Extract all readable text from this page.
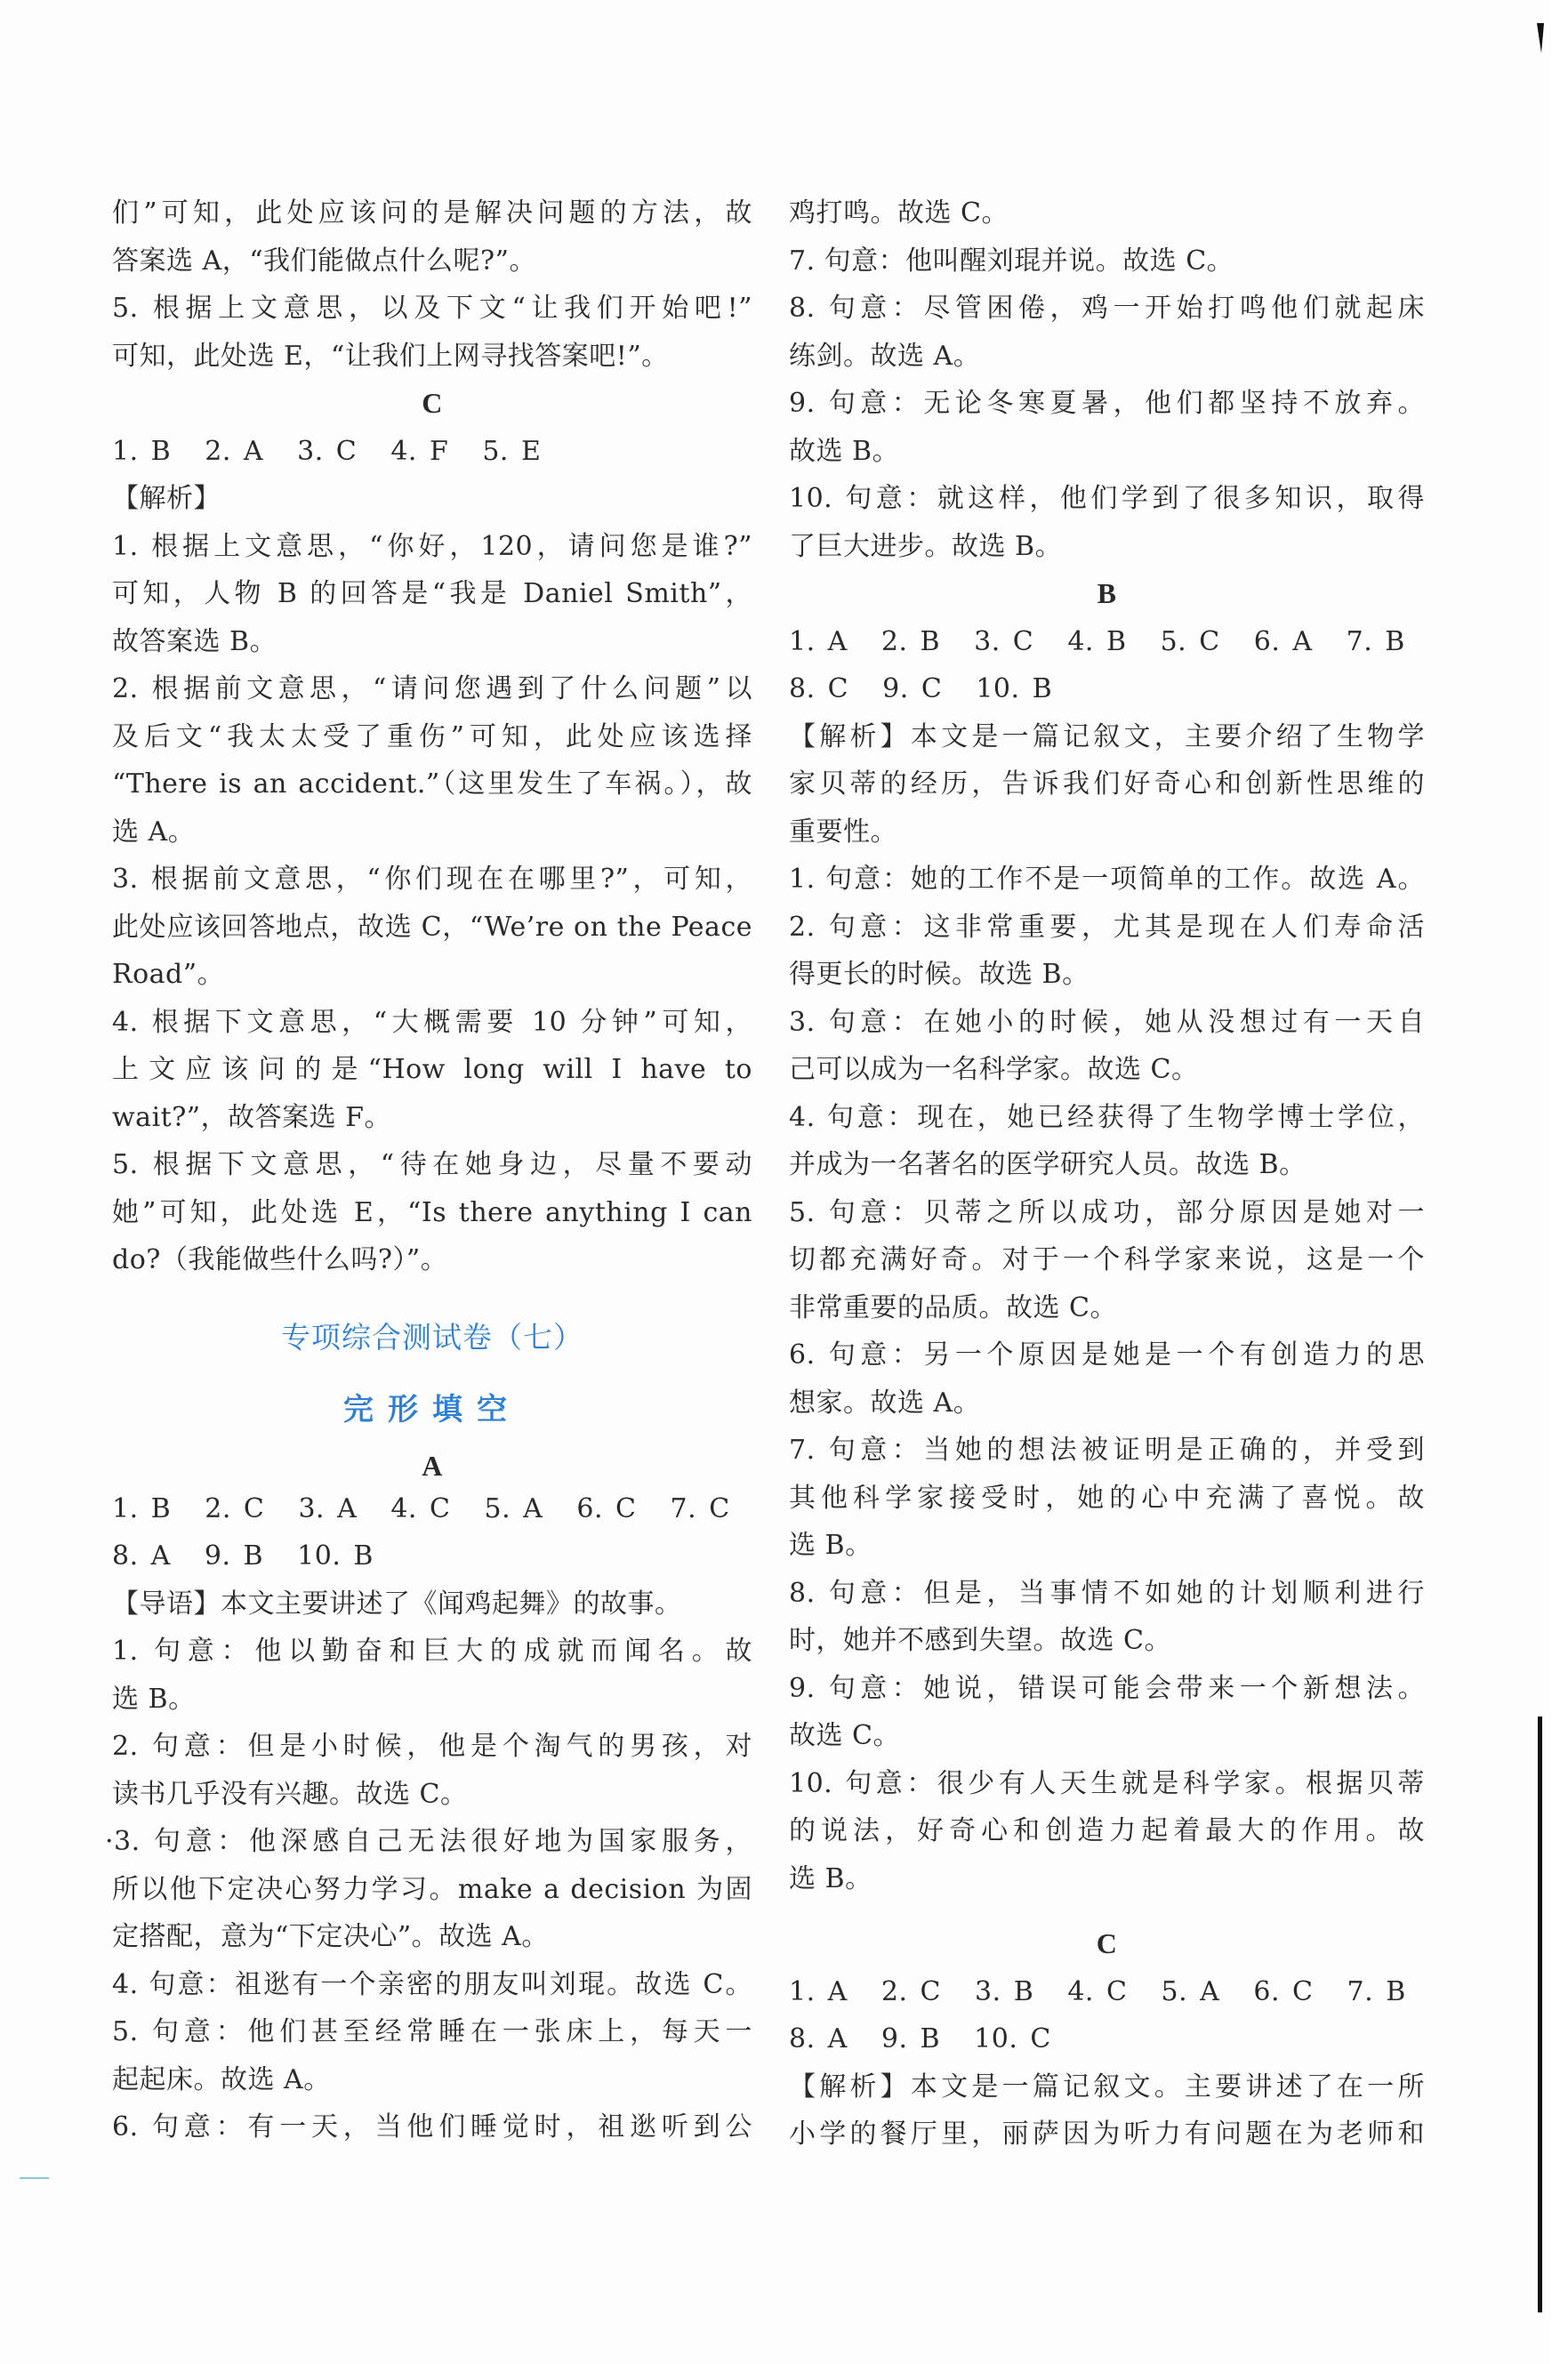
们”可知，此处应该问的是解决问题的方法，故
答案选 A，“我们能做点什么呢?”。
5. 根据上文意思，以及下文“让我们开始吧!”
可知，此处选 E，“让我们上网寻找答案吧!”。
C
1. B 2. A 3. C 4. F 5. E
【解析】
1. 根据上文意思，“你好，120，请问您是谁?”
可知，人物 B 的回答是“我是 Daniel Smith”，
故答案选 B。
2. 根据前文意思，“请问您遇到了什么问题”以
及后文“我太太受了重伤”可知，此处应该选择
“There is an accident.”（这里发生了车祸。），故
选 A。
3. 根据前文意思，“你们现在在哪里?”，可知，
此处应该回答地点，故选 C，“We’re on the Peace
Road”。
4. 根据下文意思，“大概需要 10 分钟”可知，
上文应该问的是“How long will I have to
wait?”，故答案选 F。
5. 根据下文意思，“待在她身边，尽量不要动
她”可知，此处选 E，“Is there anything I can
do?（我能做些什么吗?）”。
专项综合测试卷（七）
完形填空
A
1. B 2. C 3. A 4. C 5. A 6. C 7. C
8. A 9. B 10. B
【导语】本文主要讲述了《闻鸡起舞》的故事。
1. 句意：他以勤奋和巨大的成就而闻名。故
选 B。
2. 句意：但是小时候，他是个淘气的男孩，对
读书几乎没有兴趣。故选 C。
·3. 句意：他深感自己无法很好地为国家服务，
所以他下定决心努力学习。make a decision 为固
定搭配，意为“下定决心”。故选 A。
4. 句意：祖逖有一个亲密的朋友叫刘琨。故选 C。
5. 句意：他们甚至经常睡在一张床上，每天一
起起床。故选 A。
6. 句意：有一天，当他们睡觉时，祖逖听到公
鸡打鸣。故选 C。
7. 句意：他叫醒刘琨并说。故选 C。
8. 句意：尽管困倦，鸡一开始打鸣他们就起床
练剑。故选 A。
9. 句意：无论冬寒夏暑，他们都坚持不放弃。
故选 B。
10. 句意：就这样，他们学到了很多知识，取得
了巨大进步。故选 B。
B
1. A 2. B 3. C 4. B 5. C 6. A 7. B
8. C 9. C 10. B
【解析】本文是一篇记叙文，主要介绍了生物学
家贝蒂的经历，告诉我们好奇心和创新性思维的
重要性。
1. 句意：她的工作不是一项简单的工作。故选 A。
2. 句意：这非常重要，尤其是现在人们寿命活
得更长的时候。故选 B。
3. 句意：在她小的时候，她从没想过有一天自
己可以成为一名科学家。故选 C。
4. 句意：现在，她已经获得了生物学博士学位，
并成为一名著名的医学研究人员。故选 B。
5. 句意：贝蒂之所以成功，部分原因是她对一
切都充满好奇。对于一个科学家来说，这是一个
非常重要的品质。故选 C。
6. 句意：另一个原因是她是一个有创造力的思
想家。故选 A。
7. 句意：当她的想法被证明是正确的，并受到
其他科学家接受时，她的心中充满了喜悦。故
选 B。
8. 句意：但是，当事情不如她的计划顺利进行
时，她并不感到失望。故选 C。
9. 句意：她说，错误可能会带来一个新想法。
故选 C。
10. 句意：很少有人天生就是科学家。根据贝蒂
的说法，好奇心和创造力起着最大的作用。故
选 B。
C
1. A 2. C 3. B 4. C 5. A 6. C 7. B
8. A 9. B 10. C
【解析】本文是一篇记叙文。主要讲述了在一所
小学的餐厅里，丽萨因为听力有问题在为老师和
